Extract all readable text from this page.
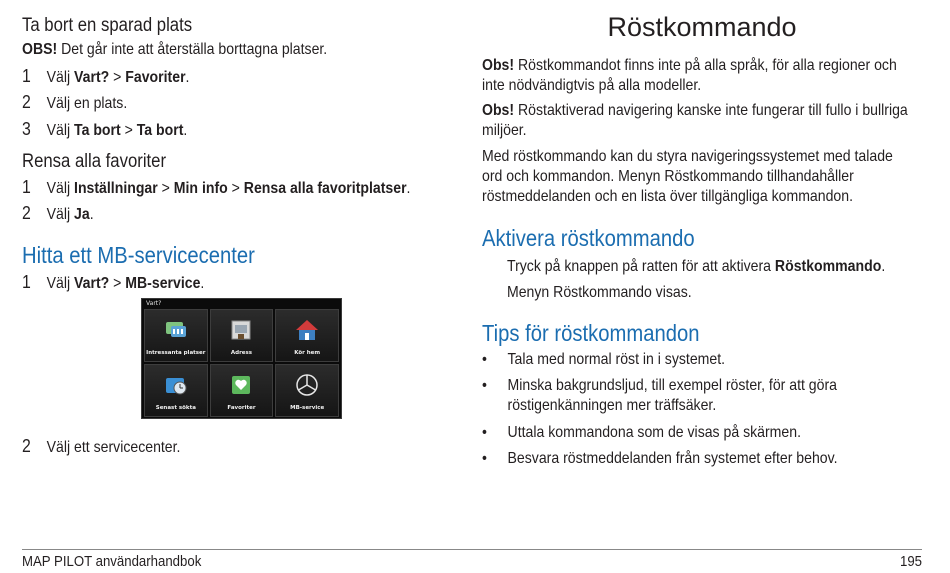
Ta bort en sparad plats
OBS! Det går inte att återställa borttagna platser.
1 Välj Vart? > Favoriter.
2 Välj en plats.
3 Välj Ta bort > Ta bort.
Rensa alla favoriter
1 Välj Inställningar > Min info > Rensa alla favoritplatser.
2 Välj Ja.
Hitta ett MB-servicecenter
1 Välj Vart? > MB-service.
Vart?
Intressanta platser	Adress	Kör hem
Senast sökta	Favoriter	MB-service
2 Välj ett servicecenter.
Röstkommando
Obs! Röstkommandot finns inte på alla språk, för alla regioner och
inte nödvändigtvis på alla modeller.
Obs! Röstaktiverad navigering kanske inte fungerar till fullo i bullriga
miljöer.
Med röstkommando kan du styra navigeringssystemet med talade
ord och kommandon. Menyn Röstkommando tillhandahåller
röstmeddelanden och en lista över tillgängliga kommandon.
Aktivera röstkommando
Tryck på knappen på ratten för att aktivera Röstkommando.
Menyn Röstkommando visas.
Tips för röstkommandon
• Tala med normal röst in i systemet.
• Minska bakgrundsljud, till exempel röster, för att göra
röstigenkänningen mer träffsäker.
• Uttala kommandona som de visas på skärmen.
• Besvara röstmeddelanden från systemet efter behov.
MAP PILOT användarhandbok	195
